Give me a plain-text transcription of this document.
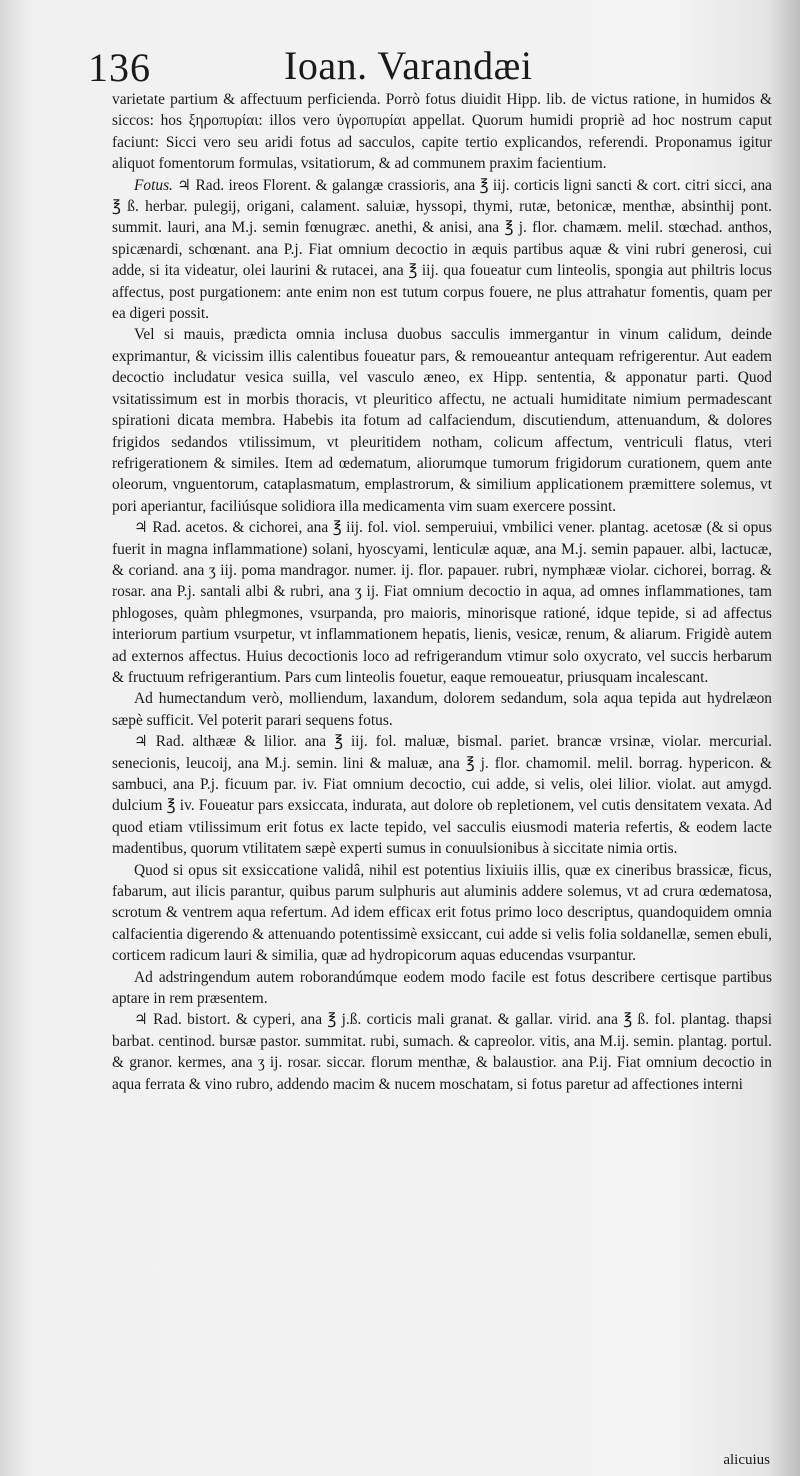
136	Ioan. Varandæi

varietate partium & affectuum perficienda. Porrò fotus diuidit Hipp. lib. de victus ratione, in humidos & siccos: hos ξηροπυρίαι: illos vero ὑγροπυρίαι appellat. Quorum humidi propriè ad hoc nostrum caput faciunt: Sicci vero seu aridi fotus ad sacculos, capite tertio explicandos, referendi. Proponamus igitur aliquot fomentorum formulas, vsitatiorum, & ad communem praxim facientium.

Fotus. ♃ Rad. ireos Florent. & galangæ crassioris, ana ℥ iij. corticis ligni sancti & cort. citri sicci, ana ℥ ß. herbar. pulegij, origani, calament. saluiæ, hyssopi, thymi, rutæ, betonicæ, menthæ, absinthij pont. summit. lauri, ana M.j. semin fœnugræc. anethi, & anisi, ana ℥ j. flor. chamæm. melil. stœchad. anthos, spicænardi, schœnant. ana P.j. Fiat omnium decoctio in æquis partibus aquæ & vini rubri generosi, cui adde, si ita videatur, olei laurini & rutacei, ana ℥ iij. qua foueatur cum linteolis, spongia aut philtris locus affectus, post purgationem: ante enim non est tutum corpus fouere, ne plus attrahatur fomentis, quam per ea digeri possit.

Vel si mauis, prædicta omnia inclusa duobus sacculis immergantur in vinum calidum, deinde exprimantur, & vicissim illis calentibus foueatur pars, & remoueantur antequam refrigerentur. Aut eadem decoctio includatur vesica suilla, vel vasculo æneo, ex Hipp. sententia, & apponatur parti. Quod vsitatissimum est in morbis thoracis, vt pleuritico affectu, ne actuali humiditate nimium permadescant spirationi dicata membra. Habebis ita fotum ad calfaciendum, discutiendum, attenuandum, & dolores frigidos sedandos vtilissimum, vt pleuritidem notham, colicum affectum, ventriculi flatus, vteri refrigerationem & similes. Item ad œdematum, aliorumque tumorum frigidorum curationem, quem ante oleorum, vnguentorum, cataplasmatum, emplastrorum, & similium applicationem præmittere solemus, vt pori aperiantur, faciliúsque solidiora illa medicamenta vim suam exercere possint.

♃ Rad. acetos. & cichorei, ana ℥ iij. fol. viol. semperuiui, vmbilici vener. plantag. acetosæ (& si opus fuerit in magna inflammatione) solani, hyoscyami, lenticulæ aquæ, ana M.j. semin papauer. albi, lactucæ, & coriand. ana ʒ iij. poma mandragor. numer. ij. flor. papauer. rubri, nymphææ violar. cichorei, borrag. & rosar. ana P.j. santali albi & rubri, ana ʒ ij. Fiat omnium decoctio in aqua, ad omnes inflammationes, tam phlogoses, quàm phlegmones, vsurpanda, pro maioris, minorisque rationé, idque tepide, si ad affectus interiorum partium vsurpetur, vt inflammationem hepatis, lienis, vesicæ, renum, & aliarum. Frigidè autem ad externos affectus. Huius decoctionis loco ad refrigerandum vtimur solo oxycrato, vel succis herbarum & fructuum refrigerantium. Pars cum linteolis fouetur, eaque remoueatur, priusquam incalescant.

Ad humectandum verò, molliendum, laxandum, dolorem sedandum, sola aqua tepida aut hydrelæon sæpè sufficit. Vel poterit parari sequens fotus.

♃ Rad. althææ & lilior. ana ℥ iij. fol. maluæ, bismal. pariet. brancæ vrsinæ, violar. mercurial. senecionis, leucoij, ana M.j. semin. lini & maluæ, ana ℥ j. flor. chamomil. melil. borrag. hypericon. & sambuci, ana P.j. ficuum par. iv. Fiat omnium decoctio, cui adde, si velis, olei lilior. violat. aut amygd. dulcium ℥ iv. Foueatur pars exsiccata, indurata, aut dolore ob repletionem, vel cutis densitatem vexata. Ad quod etiam vtilissimum erit fotus ex lacte tepido, vel sacculis eiusmodi materia refertis, & eodem lacte madentibus, quorum vtilitatem sæpè experti sumus in conuulsionibus à siccitate nimia ortis.

Quod si opus sit exsiccatione validâ, nihil est potentius lixiuiis illis, quæ ex cineribus brassicæ, ficus, fabarum, aut ilicis parantur, quibus parum sulphuris aut aluminis addere solemus, vt ad crura œdematosa, scrotum & ventrem aqua refertum. Ad idem efficax erit fotus primo loco descriptus, quandoquidem omnia calfacientia digerendo & attenuando potentissimè exsiccant, cui adde si velis folia soldanellæ, semen ebuli, corticem radicum lauri & similia, quæ ad hydropicorum aquas educendas vsurpantur.

Ad adstringendum autem roborandúmque eodem modo facile est fotus describere certisque partibus aptare in rem præsentem.

♃ Rad. bistort. & cyperi, ana ℥ j.ß. corticis mali granat. & gallar. virid. ana ℥ ß. fol. plantag. thapsi barbat. centinod. bursæ pastor. summitat. rubi, sumach. & capreolor. vitis, ana M.ij. semin. plantag. portul. & granor. kermes, ana ʒ ij. rosar. siccar. florum menthæ, & balaustior. ana P.ij. Fiat omnium decoctio in aqua ferrata & vino rubro, addendo macim & nucem moschatam, si fotus paretur ad affectiones interni

alicuius
